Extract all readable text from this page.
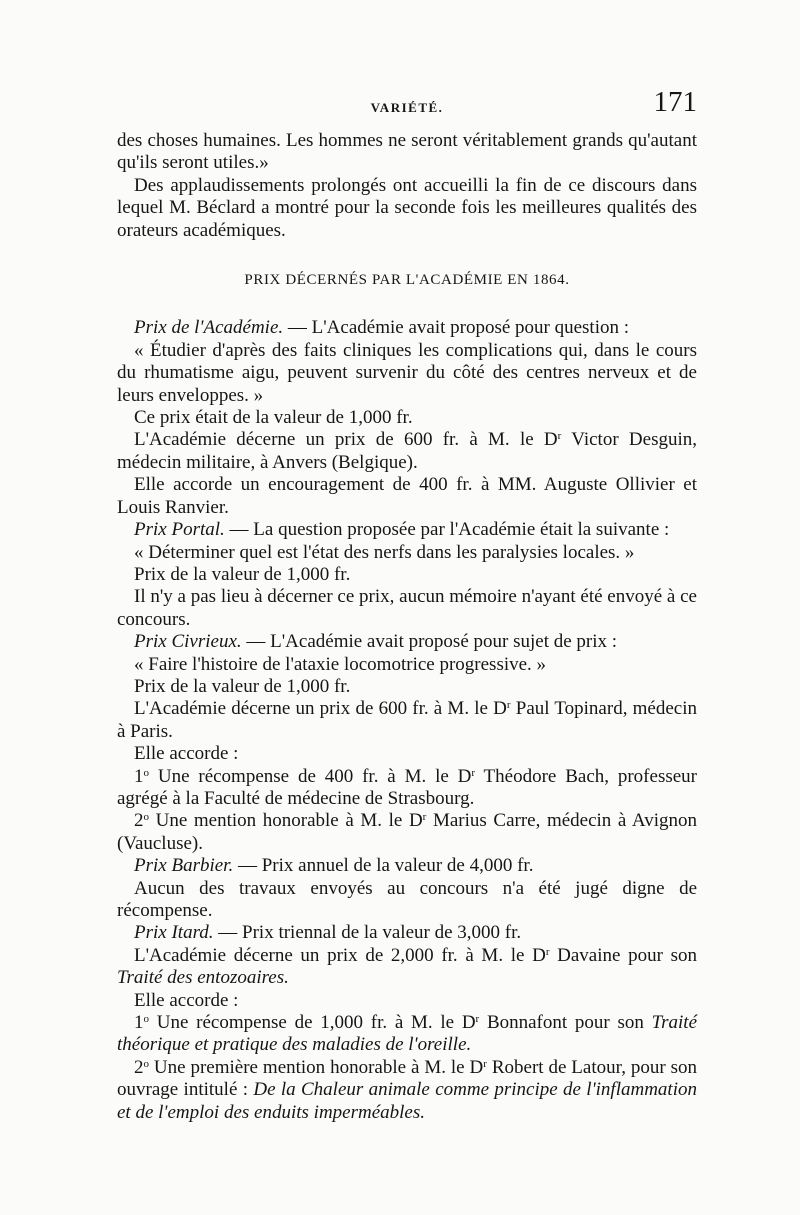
VARIÉTÉ.	171

des choses humaines. Les hommes ne seront véritablement grands qu'autant qu'ils seront utiles.»

Des applaudissements prolongés ont accueilli la fin de ce discours dans lequel M. Béclard a montré pour la seconde fois les meilleures qualités des orateurs académiques.

PRIX DÉCERNÉS PAR L'ACADÉMIE EN 1864.

Prix de l'Académie. — L'Académie avait proposé pour question :

« Étudier d'après des faits cliniques les complications qui, dans le cours du rhumatisme aigu, peuvent survenir du côté des centres nerveux et de leurs enveloppes. »

Ce prix était de la valeur de 1,000 fr.

L'Académie décerne un prix de 600 fr. à M. le $D^r$ Victor Desguin, médecin militaire, à Anvers (Belgique).

Elle accorde un encouragement de 400 fr. à MM. Auguste Ollivier et Louis Ranvier.

Prix Portal. — La question proposée par l'Académie était la suivante :

« Déterminer quel est l'état des nerfs dans les paralysies locales. »

Prix de la valeur de 1,000 fr.

Il n'y a pas lieu à décerner ce prix, aucun mémoire n'ayant été envoyé à ce concours.

Prix Civrieux. — L'Académie avait proposé pour sujet de prix :

« Faire l'histoire de l'ataxie locomotrice progressive. »

Prix de la valeur de 1,000 fr.

L'Académie décerne un prix de 600 fr. à M. le $D^r$ Paul Topinard, médecin à Paris.

Elle accorde :

1$^o$ Une récompense de 400 fr. à M. le $D^r$ Théodore Bach, professeur agrégé à la Faculté de médecine de Strasbourg.

2$^o$ Une mention honorable à M. le $D^r$ Marius Carre, médecin à Avignon (Vaucluse).

Prix Barbier. — Prix annuel de la valeur de 4,000 fr.

Aucun des travaux envoyés au concours n'a été jugé digne de récompense.

Prix Itard. — Prix triennal de la valeur de 3,000 fr.

L'Académie décerne un prix de 2,000 fr. à M. le $D^r$ Davaine pour son Traité des entozoaires.

Elle accorde :

1$^o$ Une récompense de 1,000 fr. à M. le $D^r$ Bonnafont pour son Traité théorique et pratique des maladies de l'oreille.

2$^o$ Une première mention honorable à M. le $D^r$ Robert de Latour, pour son ouvrage intitulé : De la Chaleur animale comme principe de l'inflammation et de l'emploi des enduits imperméables.
